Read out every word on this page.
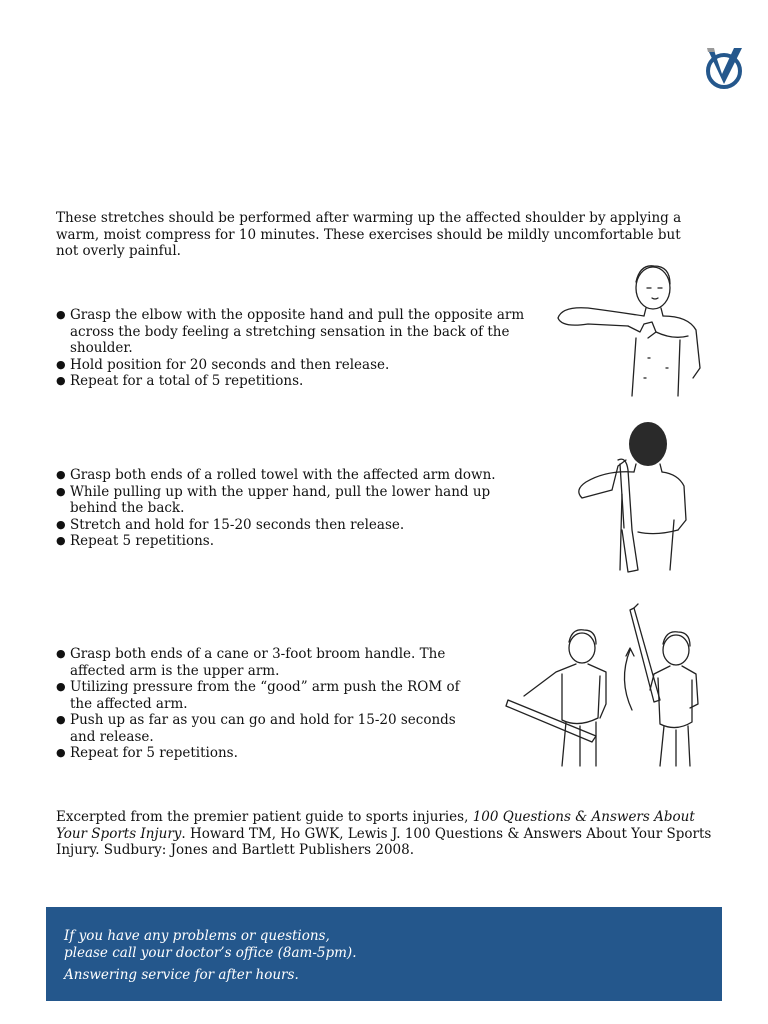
These stretches should be performed after warming up the affected shoulder by applying a warm, moist compress for 10 minutes. These exercises should be mildly uncomfortable but not overly painful.

● Grasp the elbow with the opposite hand and pull the opposite arm across the body feeling a stretching sensation in the back of the shoulder.
● Hold position for 20 seconds and then release.
● Repeat for a total of 5 repetitions.
● Grasp both ends of a rolled towel with the affected arm down.
● While pulling up with the upper hand, pull the lower hand up behind the back.
● Stretch and hold for 15-20 seconds then release.
● Repeat 5 repetitions.
● Grasp both ends of a cane or 3-foot broom handle. The affected arm is the upper arm.
● Utilizing pressure from the “good” arm push the ROM of the affected arm.
● Push up as far as you can go and hold for 15-20 seconds and release.
● Repeat for 5 repetitions.

Excerpted from the premier patient guide to sports injuries, 100 Questions & Answers About Your Sports Injury. Howard TM, Ho GWK, Lewis J. 100 Questions & Answers About Your Sports Injury. Sudbury: Jones and Bartlett Publishers 2008.

If you have any problems or questions,
please call your doctor’s office (8am-5pm).
Answering service for after hours.
